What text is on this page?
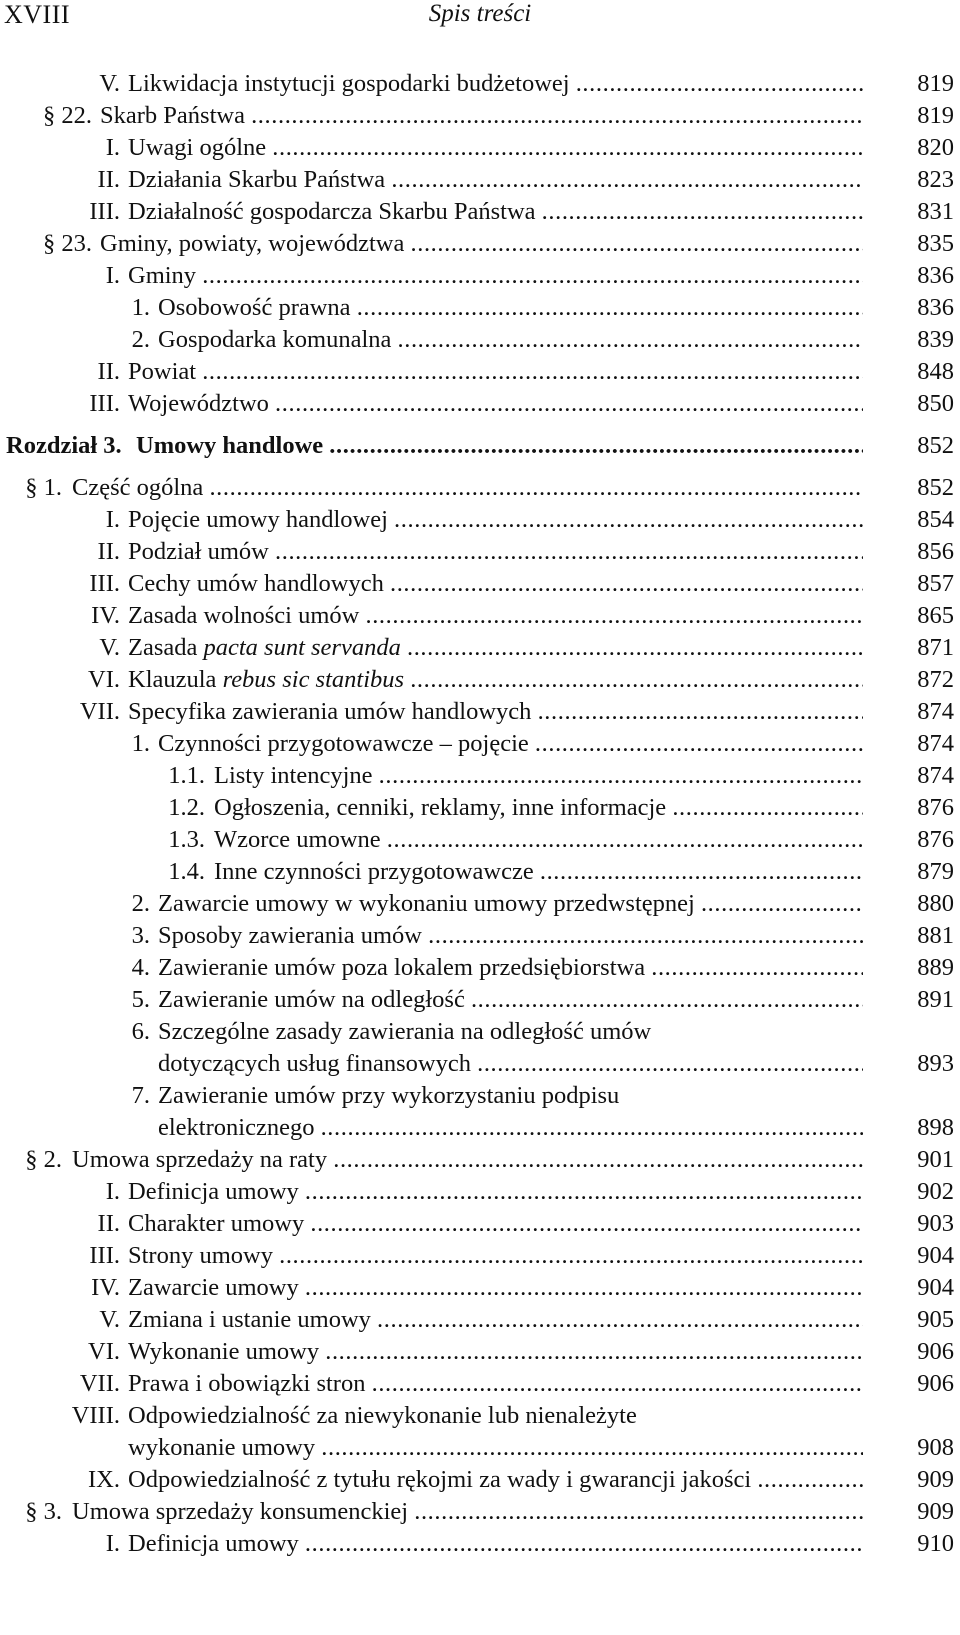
XVIII	Spis treści
V. Likwidacja instytucji gospodarki budżetowej .....	819
§ 22. Skarb Państwa .....	819
I. Uwagi ogólne .....	820
II. Działania Skarbu Państwa .....	823
III. Działalność gospodarcza Skarbu Państwa .....	831
§ 23. Gminy, powiaty, województwa .....	835
I. Gminy .....	836
1. Osobowość prawna .....	836
2. Gospodarka komunalna .....	839
II. Powiat .....	848
III. Województwo .....	850
Rozdział 3. Umowy handlowe .....	852
§ 1. Część ogólna .....	852
I. Pojęcie umowy handlowej .....	854
II. Podział umów .....	856
III. Cechy umów handlowych .....	857
IV. Zasada wolności umów .....	865
V. Zasada pacta sunt servanda .....	871
VI. Klauzula rebus sic stantibus .....	872
VII. Specyfika zawierania umów handlowych .....	874
1. Czynności przygotowawcze – pojęcie .....	874
1.1. Listy intencyjne .....	874
1.2. Ogłoszenia, cenniki, reklamy, inne informacje .....	876
1.3. Wzorce umowne .....	876
1.4. Inne czynności przygotowawcze .....	879
2. Zawarcie umowy w wykonaniu umowy przedwstępnej .....	880
3. Sposoby zawierania umów .....	881
4. Zawieranie umów poza lokalem przedsiębiorstwa .....	889
5. Zawieranie umów na odległość .....	891
6. Szczególne zasady zawierania na odległość umów
dotyczących usług finansowych .....	893
7. Zawieranie umów przy wykorzystaniu podpisu
elektronicznego .....	898
§ 2. Umowa sprzedaży na raty .....	901
I. Definicja umowy .....	902
II. Charakter umowy .....	903
III. Strony umowy .....	904
IV. Zawarcie umowy .....	904
V. Zmiana i ustanie umowy .....	905
VI. Wykonanie umowy .....	906
VII. Prawa i obowiązki stron .....	906
VIII. Odpowiedzialność za niewykonanie lub nienależyte
wykonanie umowy .....	908
IX. Odpowiedzialność z tytułu rękojmi za wady i gwarancji jakości .....	909
§ 3. Umowa sprzedaży konsumenckiej .....	909
I. Definicja umowy .....	910
